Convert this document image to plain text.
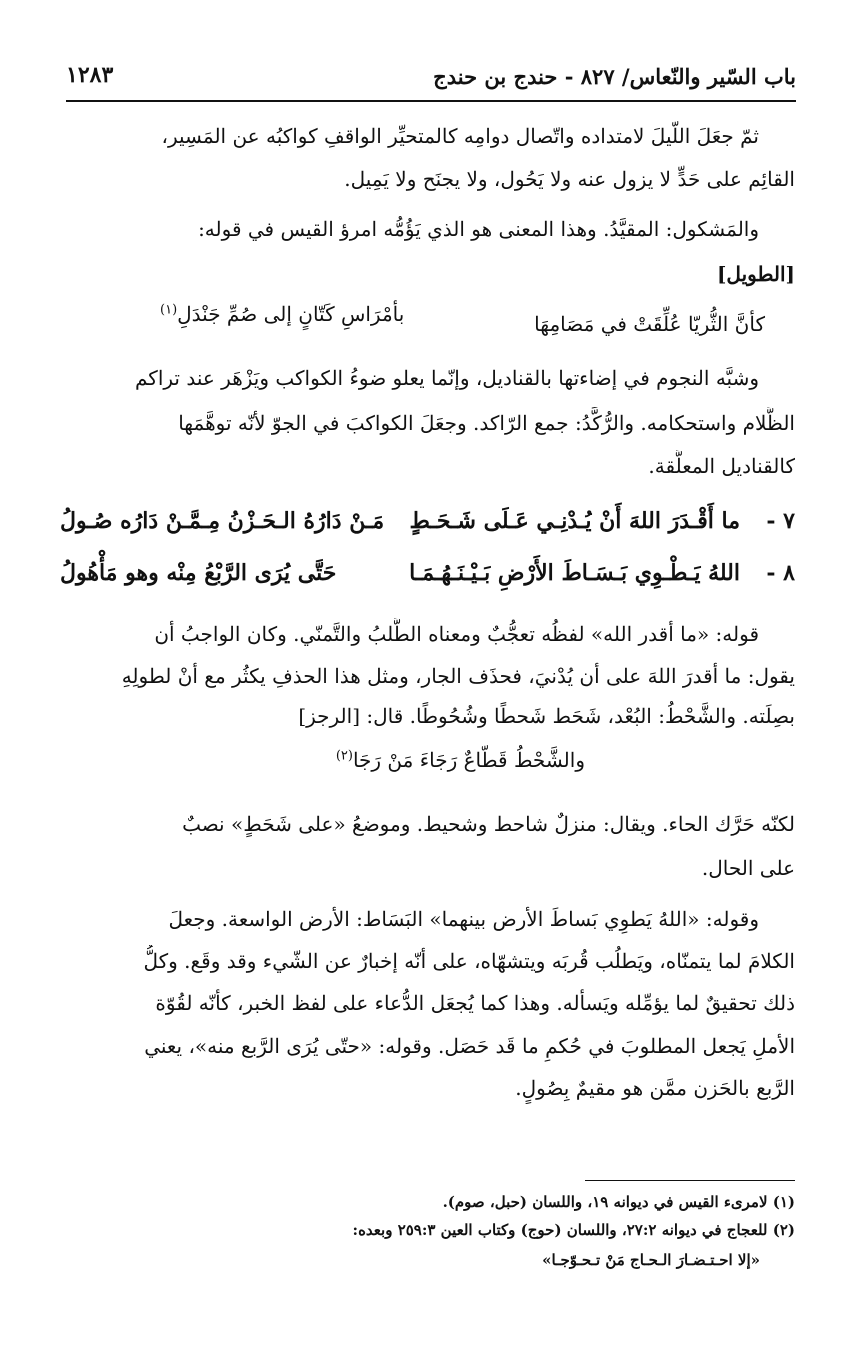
باب السّير والنّعاس/ ٨٢٧ - حندج بن حندج
١٢٨٣
ثمّ جعَلَ اللّيلَ لامتداده واتّصال دوامِه كالمتحيِّر الواقفِ كواكبُه عن المَسِير،
القائِم على حَدٍّ لا يزول عنه ولا يَحُول، ولا يجنَح ولا يَمِيل.
والمَشكول: المقيَّدُ. وهذا المعنى هو الذي يَؤُمُّه امرؤ القيس في قوله:
[الطويل]
كأنَّ الثُّريّا عُلِّقَتْ في مَصَامِهَا
بأمْرَاسِ كَتّانٍ إلى صُمِّ جَنْدَلِ$^{(١)}$
وشبَّه النجوم في إضاءتها بالقناديل، وإنّما يعلو ضوءُ الكواكب ويَزْهَر عند تراكم
الظَّلام واستحكامه. والرُّكَّدُ: جمع الرّاكد. وجعَلَ الكواكبَ في الجوّ لأنّه توهَّمَها
كالقناديل المعلَّقة.
٧ -
ما أَقْـدَرَ اللهَ أَنْ يُـدْنِـي عَـلَى شَـحَـطٍ
مَـنْ دَارُهُ الـحَـزْنُ مِـمَّـنْ دَارُه صُـولُ
٨ -
اللهُ يَـطْـوِي بَـسَـاطَ الأَرْضِ بَـيْـنَـهُـمَـا
حَتَّى يُرَى الرَّبْعُ مِنْه وهو مَأْهُولُ
قوله: «ما أقدر الله» لفظُه تعجُّبٌ ومعناه الطَّلبُ والتَّمنّي. وكان الواجبُ أن
يقول: ما أقدرَ اللهَ على أن يُدْنيَ، فحذَف الجار، ومثل هذا الحذفِ يكثُر مع أنْ لطولِهِ
بصِلَته. والشَّحْطُ: البُعْد، شَحَط شَحطًا وشُحُوطًا. قال: [الرجز]
والشَّحْطُ قَطّاعٌ رَجَاءَ مَنْ رَجَا$^{(٢)}$
لكنّه حَرَّك الحاء. ويقال: منزلٌ شاحط وشحيط. وموضعُ «على شَحَطٍ» نصبٌ
على الحال.
وقوله: «اللهُ يَطوِي بَساطَ الأرض بينهما» البَسَاط: الأرض الواسعة. وجعلَ
الكلامَ لما يتمنّاه، ويَطلُب قُربَه ويتشهّاه، على أنّه إخبارٌ عن الشّيء وقد وقَع. وكلُّ
ذلك تحقيقٌ لما يؤمِّله ويَسأله. وهذا كما يُجعَل الدُّعاء على لفظ الخبر، كأنّه لقُوّة
الأملِ يَجعل المطلوبَ في حُكمِ ما قَد حَصَل. وقوله: «حتّى يُرَى الرَّبع منه»، يعني
الرَّبع بالحَزن ممَّن هو مقيمٌ بِصُولٍ.
(١) لامرىء القيس في ديوانه ١٩، واللسان (حبل، صوم).
(٢) للعجاج في ديوانه ٢٧:٢، واللسان (حوج) وكتاب العين ٢٥٩:٣ وبعده:
«إلا احـتـضـارَ الـحـاج مَنْ تـحـوّجـا»
